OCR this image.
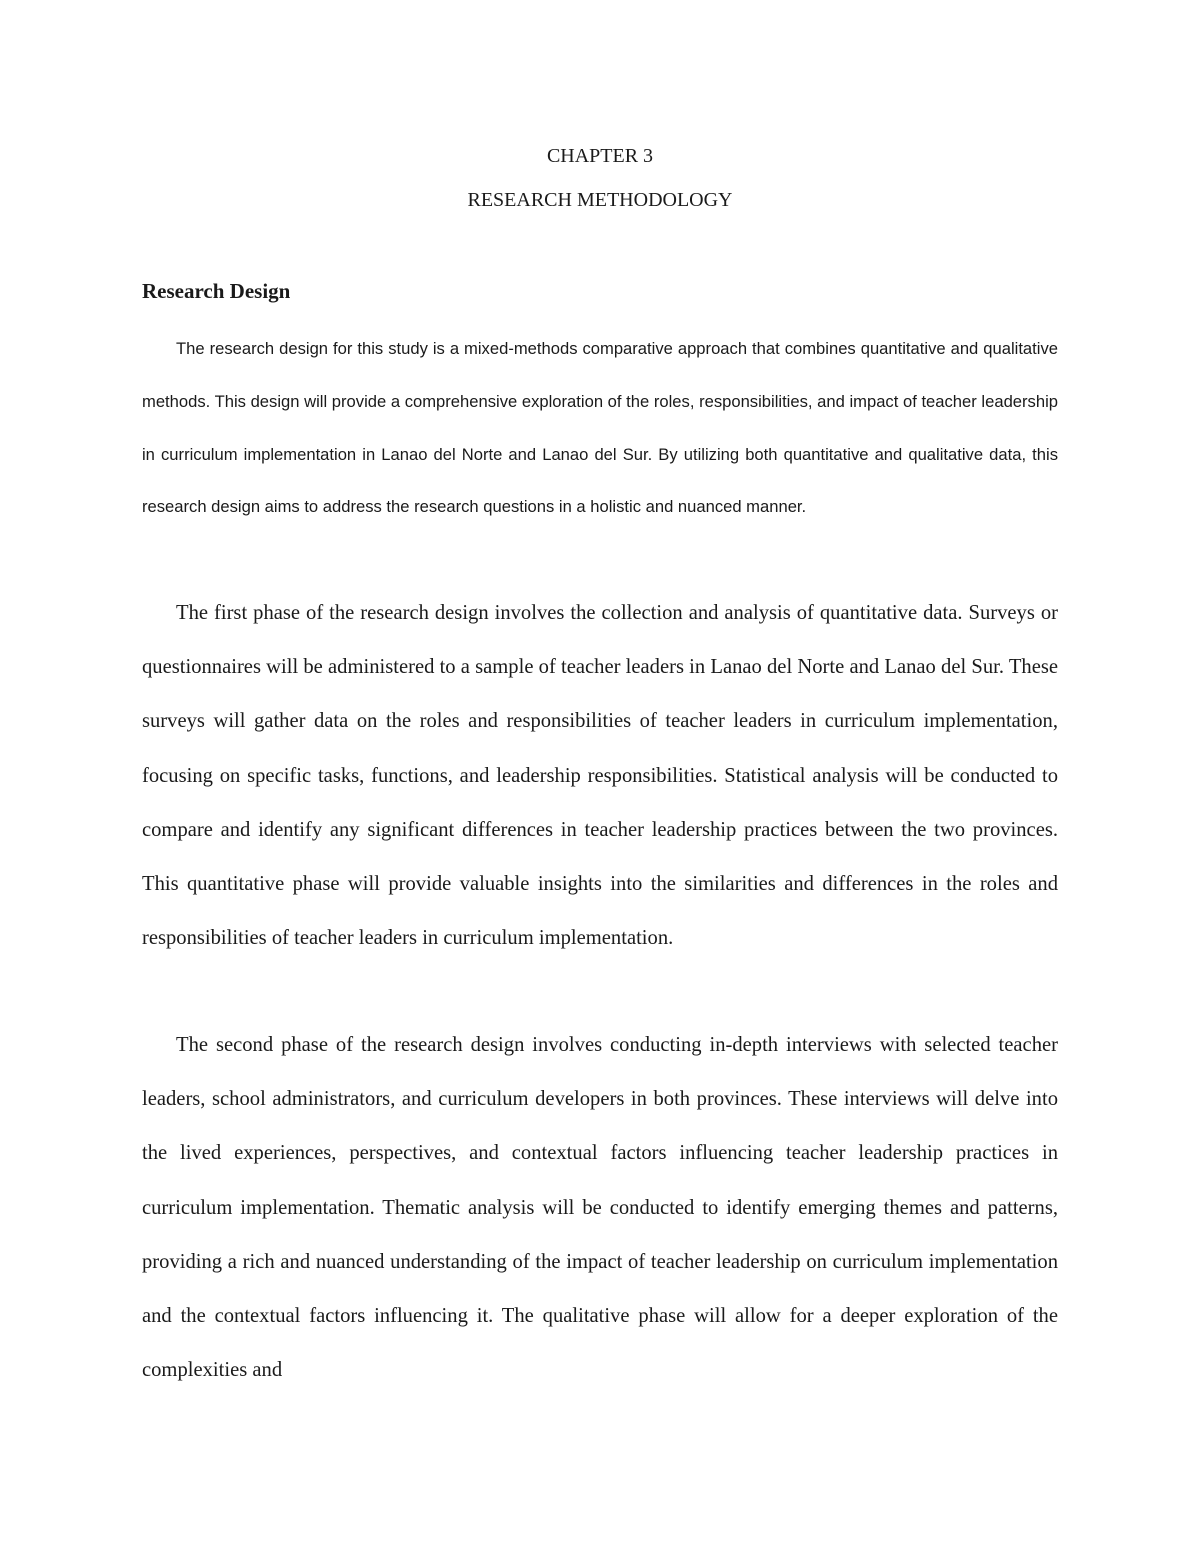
CHAPTER 3
RESEARCH METHODOLOGY
Research Design

The research design for this study is a mixed-methods comparative approach that combines quantitative and qualitative methods. This design will provide a comprehensive exploration of the roles, responsibilities, and impact of teacher leadership in curriculum implementation in Lanao del Norte and Lanao del Sur. By utilizing both quantitative and qualitative data, this research design aims to address the research questions in a holistic and nuanced manner.

The first phase of the research design involves the collection and analysis of quantitative data. Surveys or questionnaires will be administered to a sample of teacher leaders in Lanao del Norte and Lanao del Sur. These surveys will gather data on the roles and responsibilities of teacher leaders in curriculum implementation, focusing on specific tasks, functions, and leadership responsibilities. Statistical analysis will be conducted to compare and identify any significant differences in teacher leadership practices between the two provinces. This quantitative phase will provide valuable insights into the similarities and differences in the roles and responsibilities of teacher leaders in curriculum implementation.

The second phase of the research design involves conducting in-depth interviews with selected teacher leaders, school administrators, and curriculum developers in both provinces. These interviews will delve into the lived experiences, perspectives, and contextual factors influencing teacher leadership practices in curriculum implementation. Thematic analysis will be conducted to identify emerging themes and patterns, providing a rich and nuanced understanding of the impact of teacher leadership on curriculum implementation and the contextual factors influencing it. The qualitative phase will allow for a deeper exploration of the complexities and
